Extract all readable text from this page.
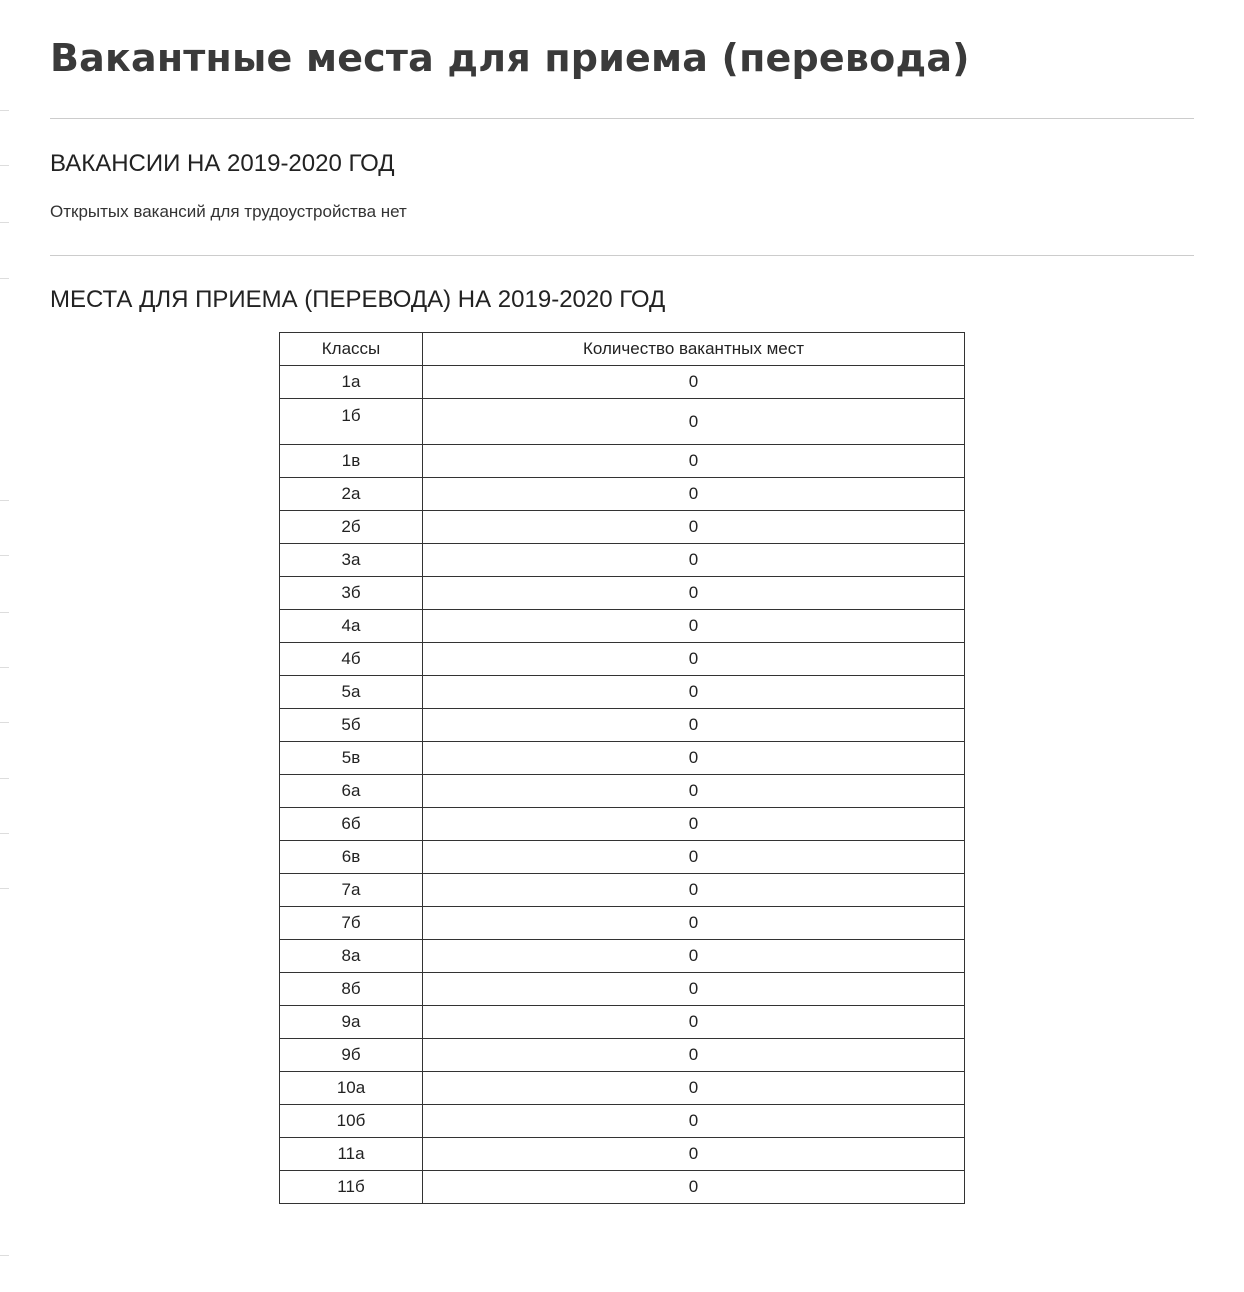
Вакантные места для приема (перевода)
ВАКАНСИИ НА 2019-2020 ГОД

Открытых вакансий для трудоустройства нет

МЕСТА ДЛЯ ПРИЕМА (ПЕРЕВОДА) НА 2019-2020 ГОД
Классы	Количество вакантных мест
1а	0
1б	0
1в	0
2а	0
2б	0
3а	0
3б	0
4а	0
4б	0
5а	0
5б	0
5в	0
6а	0
6б	0
6в	0
7а	0
7б	0
8а	0
8б	0
9а	0
9б	0
10а	0
10б	0
11а	0
11б	0
